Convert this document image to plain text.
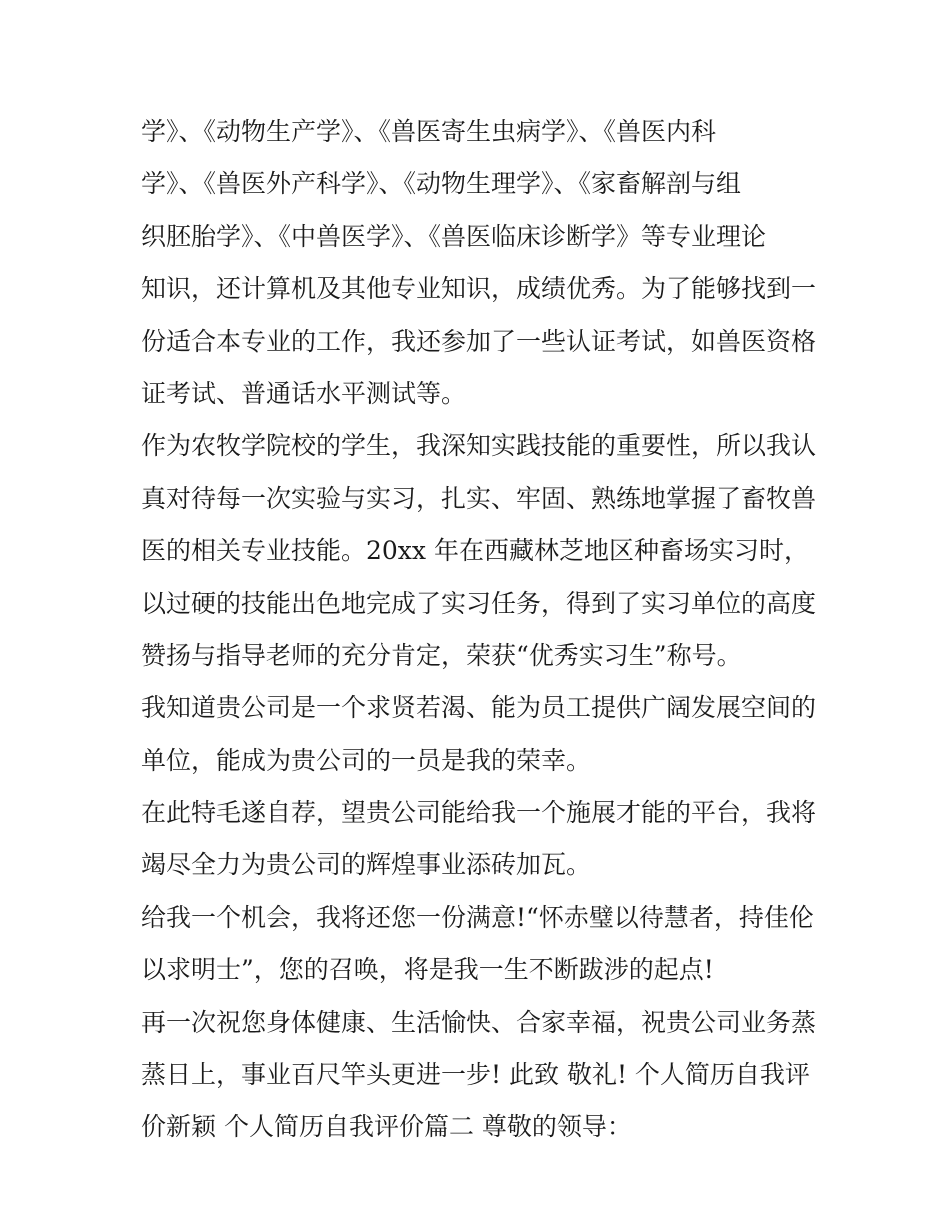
学》、《动物生产学》、《兽医寄生虫病学》、《兽医内科

学》、《兽医外产科学》、《动物生理学》、《家畜解剖与组

织胚胎学》、《中兽医学》、《兽医临床诊断学》等专业理论

知识，还计算机及其他专业知识，成绩优秀。为了能够找到一

份适合本专业的工作，我还参加了一些认证考试，如兽医资格

证考试、普通话水平测试等。

作为农牧学院校的学生，我深知实践技能的重要性，所以我认

真对待每一次实验与实习，扎实、牢固、熟练地掌握了畜牧兽

医的相关专业技能。20xx 年在西藏林芝地区种畜场实习时，

以过硬的技能出色地完成了实习任务，得到了实习单位的高度

赞扬与指导老师的充分肯定，荣获“优秀实习生”称号。

我知道贵公司是一个求贤若渴、能为员工提供广阔发展空间的

单位，能成为贵公司的一员是我的荣幸。

在此特毛遂自荐，望贵公司能给我一个施展才能的平台，我将

竭尽全力为贵公司的辉煌事业添砖加瓦。

给我一个机会，我将还您一份满意!“怀赤璧以待慧者，持佳伦

以求明士”，您的召唤，将是我一生不断跋涉的起点!

再一次祝您身体健康、生活愉快、合家幸福，祝贵公司业务蒸

蒸日上，事业百尺竿头更进一步! 此致 敬礼! 个人简历自我评

价新颖 个人简历自我评价篇二 尊敬的领导：
